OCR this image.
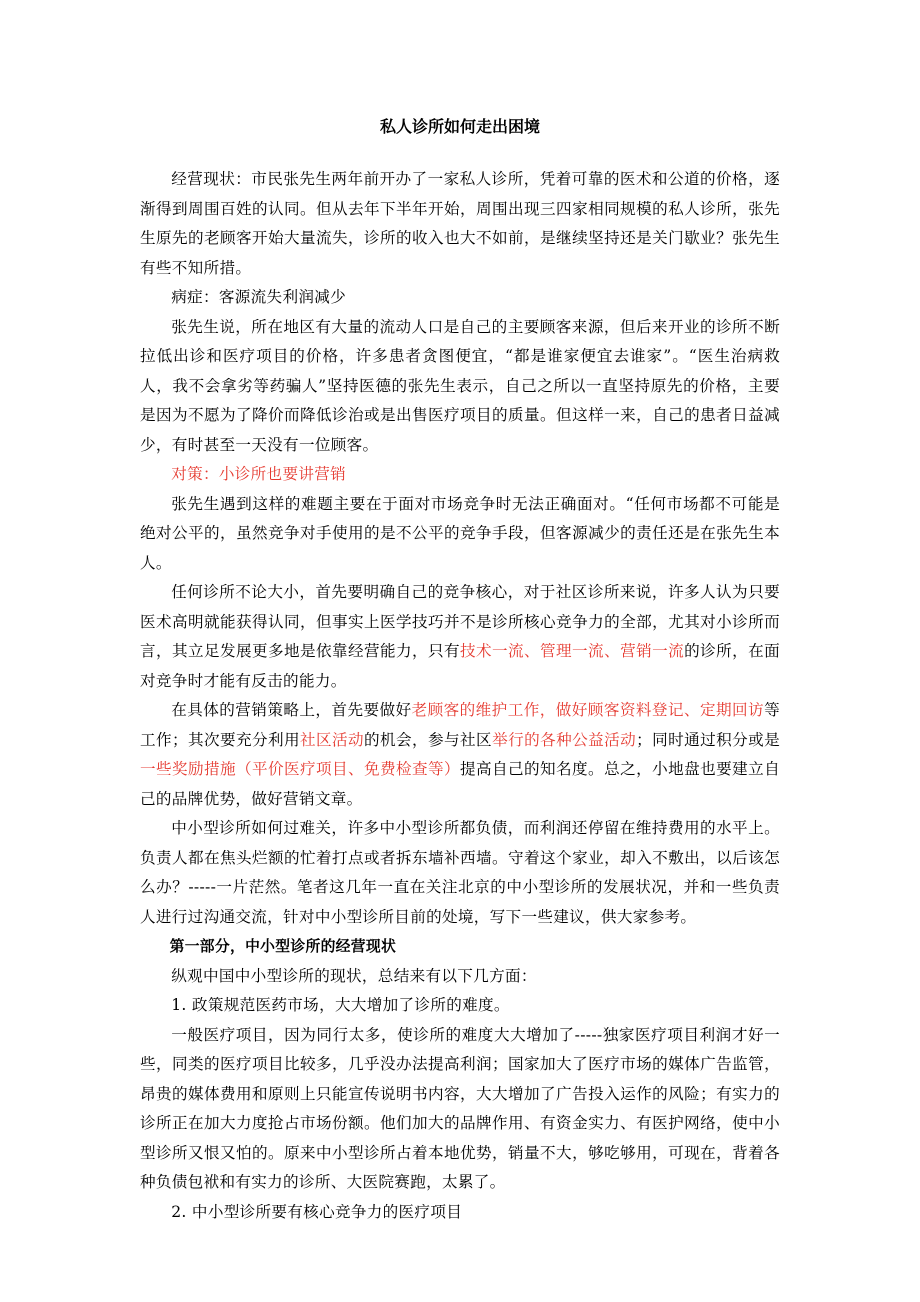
私人诊所如何走出困境

经营现状：市民张先生两年前开办了一家私人诊所，凭着可靠的医术和公道的价格，逐渐得到周围百姓的认同。但从去年下半年开始，周围出现三四家相同规模的私人诊所，张先生原先的老顾客开始大量流失，诊所的收入也大不如前，是继续坚持还是关门歇业？张先生有些不知所措。

病症：客源流失利润减少

张先生说，所在地区有大量的流动人口是自己的主要顾客来源，但后来开业的诊所不断拉低出诊和医疗项目的价格，许多患者贪图便宜，“都是谁家便宜去谁家”。“医生治病救人，我不会拿劣等药骗人”坚持医德的张先生表示，自己之所以一直坚持原先的价格，主要是因为不愿为了降价而降低诊治或是出售医疗项目的质量。但这样一来，自己的患者日益减少，有时甚至一天没有一位顾客。

对策：小诊所也要讲营销

张先生遇到这样的难题主要在于面对市场竞争时无法正确面对。“任何市场都不可能是绝对公平的，虽然竞争对手使用的是不公平的竞争手段，但客源减少的责任还是在张先生本人。

任何诊所不论大小，首先要明确自己的竞争核心，对于社区诊所来说，许多人认为只要医术高明就能获得认同，但事实上医学技巧并不是诊所核心竞争力的全部，尤其对小诊所而言，其立足发展更多地是依靠经营能力，只有技术一流、管理一流、营销一流的诊所，在面对竞争时才能有反击的能力。

在具体的营销策略上，首先要做好老顾客的维护工作，做好顾客资料登记、定期回访等工作；其次要充分利用社区活动的机会，参与社区举行的各种公益活动；同时通过积分或是一些奖励措施（平价医疗项目、免费检查等）提高自己的知名度。总之，小地盘也要建立自己的品牌优势，做好营销文章。

中小型诊所如何过难关，许多中小型诊所都负债，而利润还停留在维持费用的水平上。负责人都在焦头烂额的忙着打点或者拆东墙补西墙。守着这个家业，却入不敷出，以后该怎么办？-----一片茫然。笔者这几年一直在关注北京的中小型诊所的发展状况，并和一些负责人进行过沟通交流，针对中小型诊所目前的处境，写下一些建议，供大家参考。

第一部分，中小型诊所的经营现状

纵观中国中小型诊所的现状，总结来有以下几方面：

1. 政策规范医药市场，大大增加了诊所的难度。

一般医疗项目，因为同行太多，使诊所的难度大大增加了-----独家医疗项目利润才好一些，同类的医疗项目比较多，几乎没办法提高利润；国家加大了医疗市场的媒体广告监管，昂贵的媒体费用和原则上只能宣传说明书内容，大大增加了广告投入运作的风险；有实力的诊所正在加大力度抢占市场份额。他们加大的品牌作用、有资金实力、有医护网络，使中小型诊所又恨又怕的。原来中小型诊所占着本地优势，销量不大，够吃够用，可现在，背着各种负债包袱和有实力的诊所、大医院赛跑，太累了。

2. 中小型诊所要有核心竞争力的医疗项目
